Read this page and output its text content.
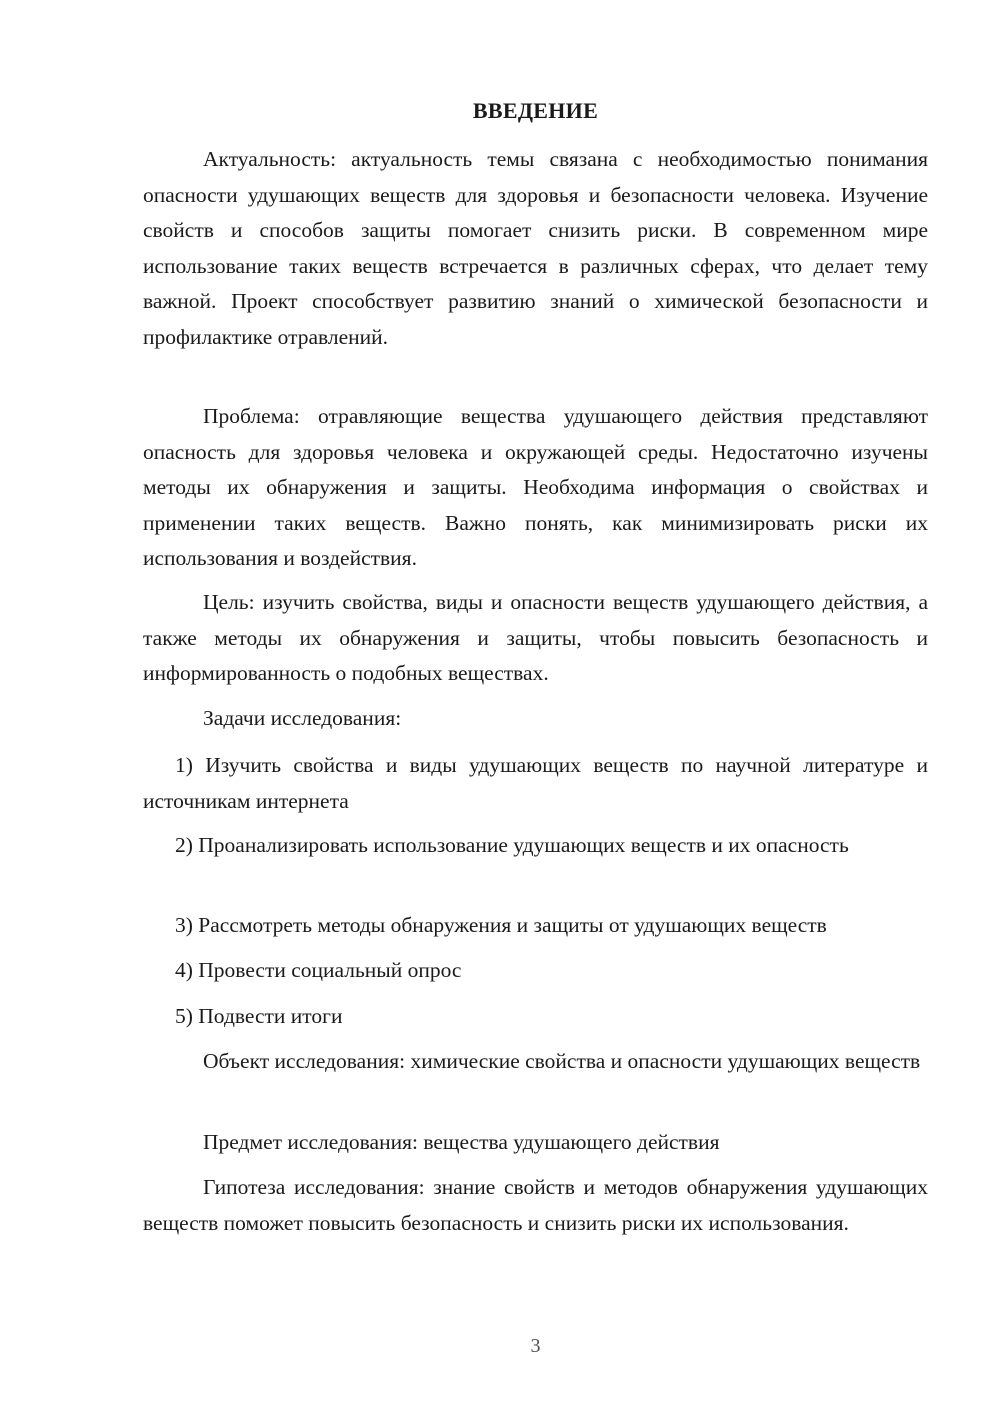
ВВЕДЕНИЕ

Актуальность: актуальность темы связана с необходимостью понимания опасности удушающих веществ для здоровья и безопасности человека. Изучение свойств и способов защиты помогает снизить риски. В современном мире использование таких веществ встречается в различных сферах, что делает тему важной. Проект способствует развитию знаний о химической безопасности и профилактике отравлений.

Проблема: отравляющие вещества удушающего действия представляют опасность для здоровья человека и окружающей среды. Недостаточно изучены методы их обнаружения и защиты. Необходима информация о свойствах и применении таких веществ. Важно понять, как минимизировать риски их использования и воздействия.

Цель: изучить свойства, виды и опасности веществ удушающего действия, а также методы их обнаружения и защиты, чтобы повысить безопасность и информированность о подобных веществах.

Задачи исследования:

1) Изучить свойства и виды удушающих веществ по научной литературе и источникам интернета

2) Проанализировать использование удушающих веществ и их опасность

3) Рассмотреть методы обнаружения и защиты от удушающих веществ

4) Провести социальный опрос

5) Подвести итоги

Объект исследования: химические свойства и опасности удушающих веществ

Предмет исследования: вещества удушающего действия

Гипотеза исследования: знание свойств и методов обнаружения удушающих веществ поможет повысить безопасность и снизить риски их использования.

3
